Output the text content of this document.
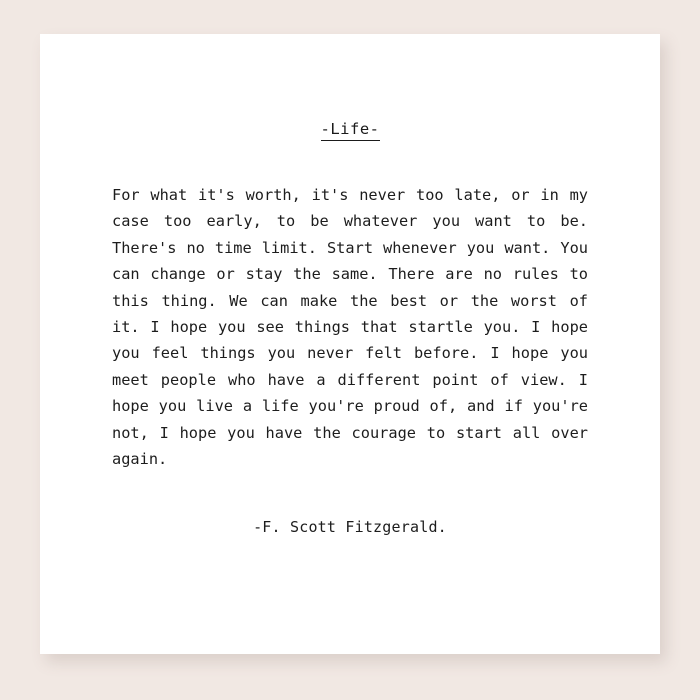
-Life-

For what it's worth, it's never too late, or in my case too early, to be whatever you want to be. There's no time limit. Start whenever you want. You can change or stay the same. There are no rules to this thing. We can make the best or the worst of it. I hope you see things that startle you. I hope you feel things you never felt before. I hope you meet people who have a different point of view. I hope you live a life you're proud of, and if you're not, I hope you have the courage to start all over again.

-F. Scott Fitzgerald.
